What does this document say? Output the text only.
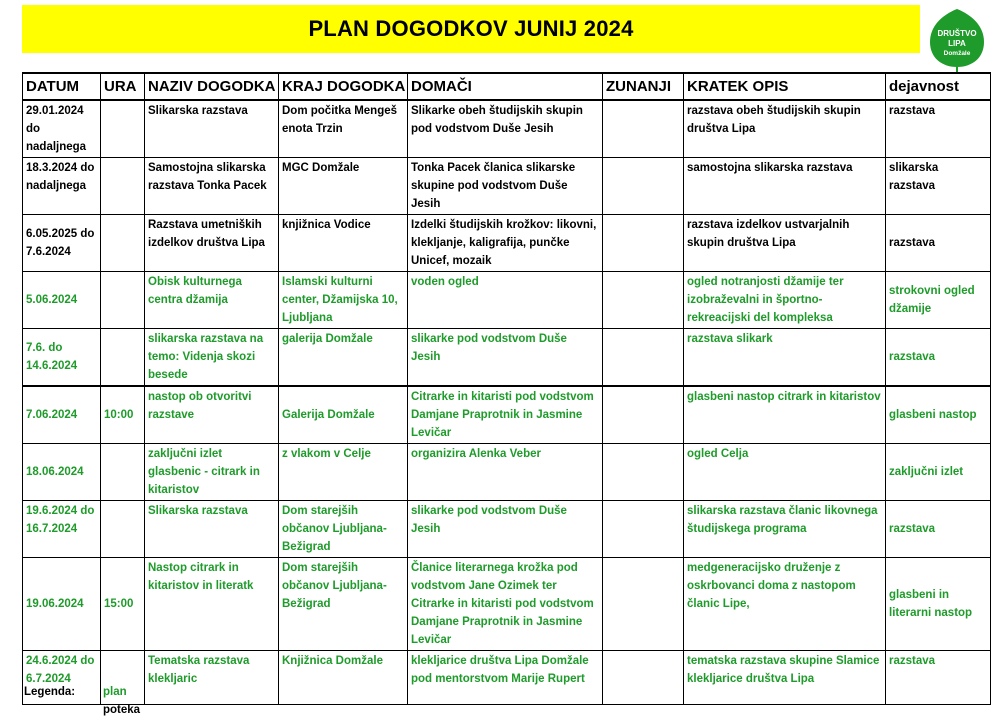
PLAN DOGODKOV JUNIJ 2024	DRUŠTVO
LIPA
Domžale
DATUM	URA	NAZIV DOGODKA	KRAJ DOGODKA	DOMAČI	ZUNANJI	KRATEK OPIS	dejavnost
29.01.2024 do nadaljnega		Slikarska razstava	Dom počitka Mengeš enota Trzin	Slikarke obeh študijskih skupin pod vodstvom Duše Jesih		razstava obeh študijskih skupin društva Lipa	razstava
18.3.2024 do nadaljnega		Samostojna slikarska razstava Tonka Pacek	MGC Domžale	Tonka Pacek članica slikarske skupine pod vodstvom Duše Jesih		samostojna slikarska razstava	slikarska razstava
6.05.2025 do 7.6.2024		Razstava umetniških izdelkov društva Lipa	knjižnica Vodice	Izdelki študijskih krožkov: likovni, klekljanje, kaligrafija, punčke Unicef, mozaik		razstava izdelkov ustvarjalnih skupin društva Lipa	razstava
5.06.2024		Obisk kulturnega centra džamija	Islamski kulturni center, Džamijska 10, Ljubljana	voden ogled		ogled notranjosti džamije ter izobraževalni in športno-rekreacijski del kompleksa	strokovni ogled džamije
7.6. do 14.6.2024		slikarska razstava na temo: Videnja skozi besede	galerija Domžale	slikarke pod vodstvom Duše Jesih		razstava slikark	razstava
7.06.2024	10:00	nastop ob otvoritvi razstave	Galerija Domžale	Citrarke in kitaristi pod vodstvom Damjane Praprotnik in Jasmine Levičar		glasbeni nastop citrark in kitaristov	glasbeni nastop
18.06.2024		zaključni izlet glasbenic - citrark in kitaristov	z vlakom v Celje	organizira Alenka Veber		ogled Celja	zaključni izlet
19.6.2024 do 16.7.2024		Slikarska razstava	Dom starejših občanov Ljubljana-Bežigrad	slikarke pod vodstvom Duše Jesih		slikarska razstava članic likovnega študijskega programa	razstava
19.06.2024	15:00	Nastop citrark in kitaristov in literatk	Dom starejših občanov Ljubljana-Bežigrad	Članice literarnega krožka pod vodstvom Jane Ozimek ter Citrarke in kitaristi pod vodstvom Damjane Praprotnik in Jasmine Levičar		medgeneracijsko druženje z oskrbovanci doma z nastopom članic Lipe,	glasbeni in literarni nastop
24.6.2024 do 6.7.2024		Tematska razstava klekljaric	Knjižnica Domžale	klekljarice društva Lipa Domžale pod mentorstvom Marije Rupert		tematska razstava skupine Slamice klekljarice društva Lipa	razstava
Legenda: plan
poteka
